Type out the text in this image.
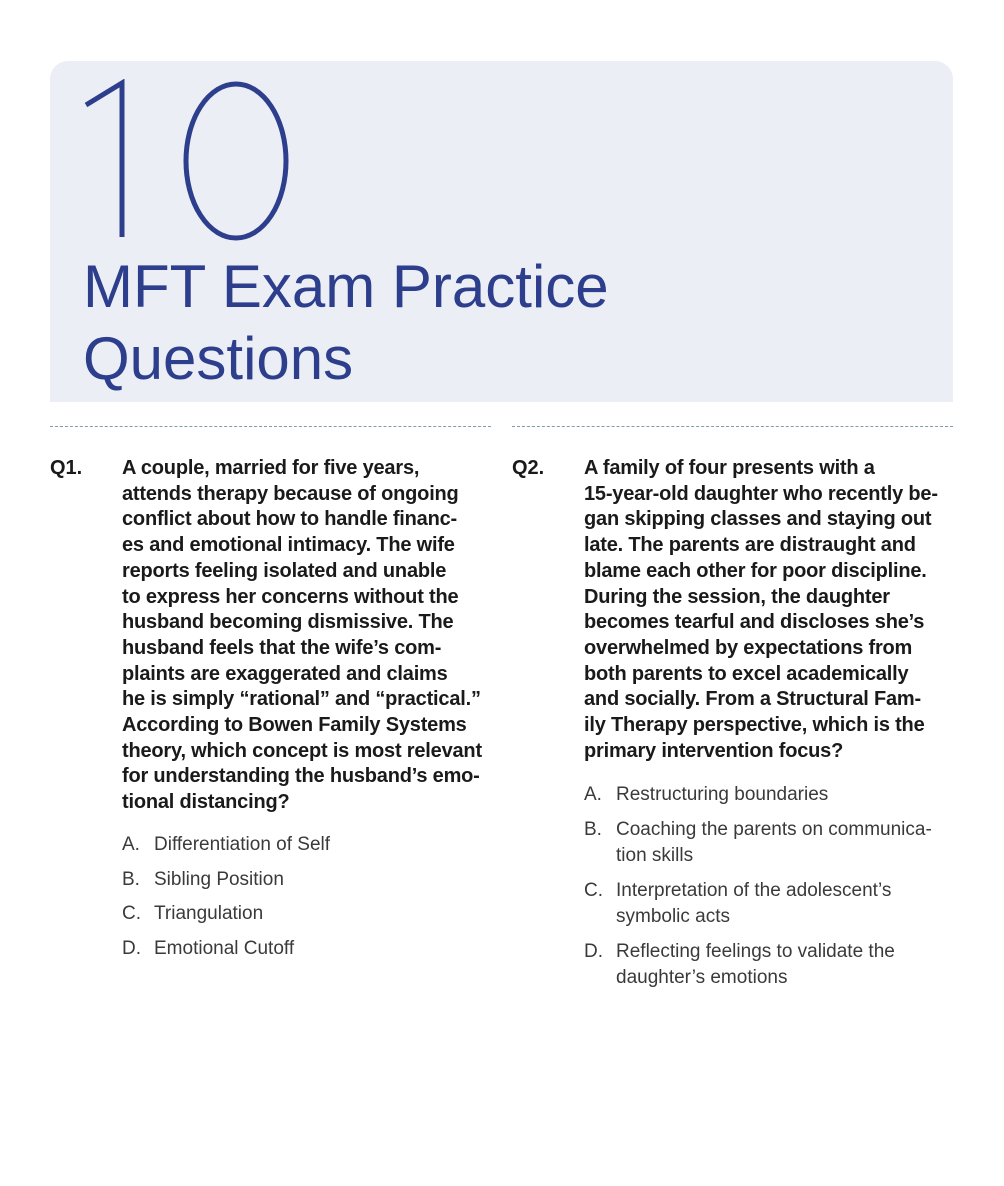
MFT Exam Practice
Questions
Q1. A couple, married for five years,
attends therapy because of ongoing
conflict about how to handle financ-
es and emotional intimacy. The wife
reports feeling isolated and unable
to express her concerns without the
husband becoming dismissive. The
husband feels that the wife’s com-
plaints are exaggerated and claims
he is simply “rational” and “practical.”
According to Bowen Family Systems
theory, which concept is most relevant
for understanding the husband’s emo-
tional distancing?
A. Differentiation of Self
B. Sibling Position
C. Triangulation
D. Emotional Cutoff
Q2. A family of four presents with a
15-year-old daughter who recently be-
gan skipping classes and staying out
late. The parents are distraught and
blame each other for poor discipline.
During the session, the daughter
becomes tearful and discloses she’s
overwhelmed by expectations from
both parents to excel academically
and socially. From a Structural Fam-
ily Therapy perspective, which is the
primary intervention focus?
A. Restructuring boundaries
B. Coaching the parents on communica-
tion skills
C. Interpretation of the adolescent’s
symbolic acts
D. Reflecting feelings to validate the
daughter’s emotions
